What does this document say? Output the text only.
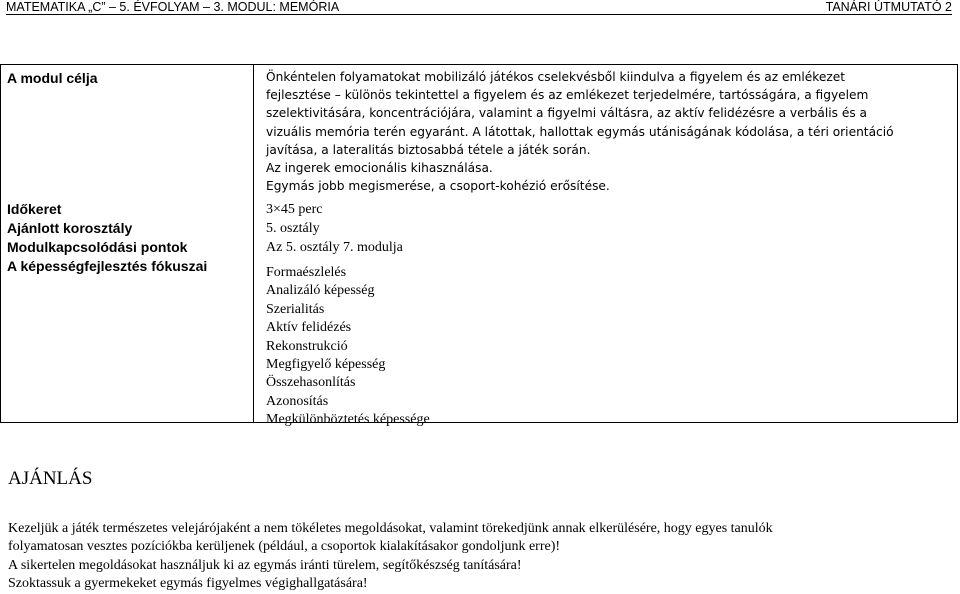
MATEMATIKA „C” – 5. ÉVFOLYAM – 3. MODUL: MEMÓRIA	TANÁRI ÚTMUTATÓ 2
A modul célja
Időkeret
Ajánlott korosztály
Modulkapcsolódási pontok
A képességfejlesztés fókuszai
Önkéntelen folyamatokat mobilizáló játékos cselekvésből kiindulva a figyelem és az emlékezet
fejlesztése – különös tekintettel a figyelem és az emlékezet terjedelmére, tartósságára, a figyelem
szelektivitására, koncentrációjára, valamint a figyelmi váltásra, az aktív felidézésre a verbális és a
vizuális memória terén egyaránt. A látottak, hallottak egymás utániságának kódolása, a téri orientáció
javítása, a lateralitás biztosabbá tétele a játék során.
Az ingerek emocionális kihasználása.
Egymás jobb megismerése, a csoport-kohézió erősítése.
3×45 perc
5. osztály
Az 5. osztály 7. modulja
Formaészlelés
Analizáló képesség
Szerialitás
Aktív felidézés
Rekonstrukció
Megfigyelő képesség
Összehasonlítás
Azonosítás
Megkülönböztetés képessége
AJÁNLÁS
Kezeljük a játék természetes velejárójaként a nem tökéletes megoldásokat, valamint törekedjünk annak elkerülésére, hogy egyes tanulók
folyamatosan vesztes pozíciókba kerüljenek (például, a csoportok kialakításakor gondoljunk erre)!
A sikertelen megoldásokat használjuk ki az egymás iránti türelem, segítőkészség tanítására!
Szoktassuk a gyermekeket egymás figyelmes végighallgatására!
